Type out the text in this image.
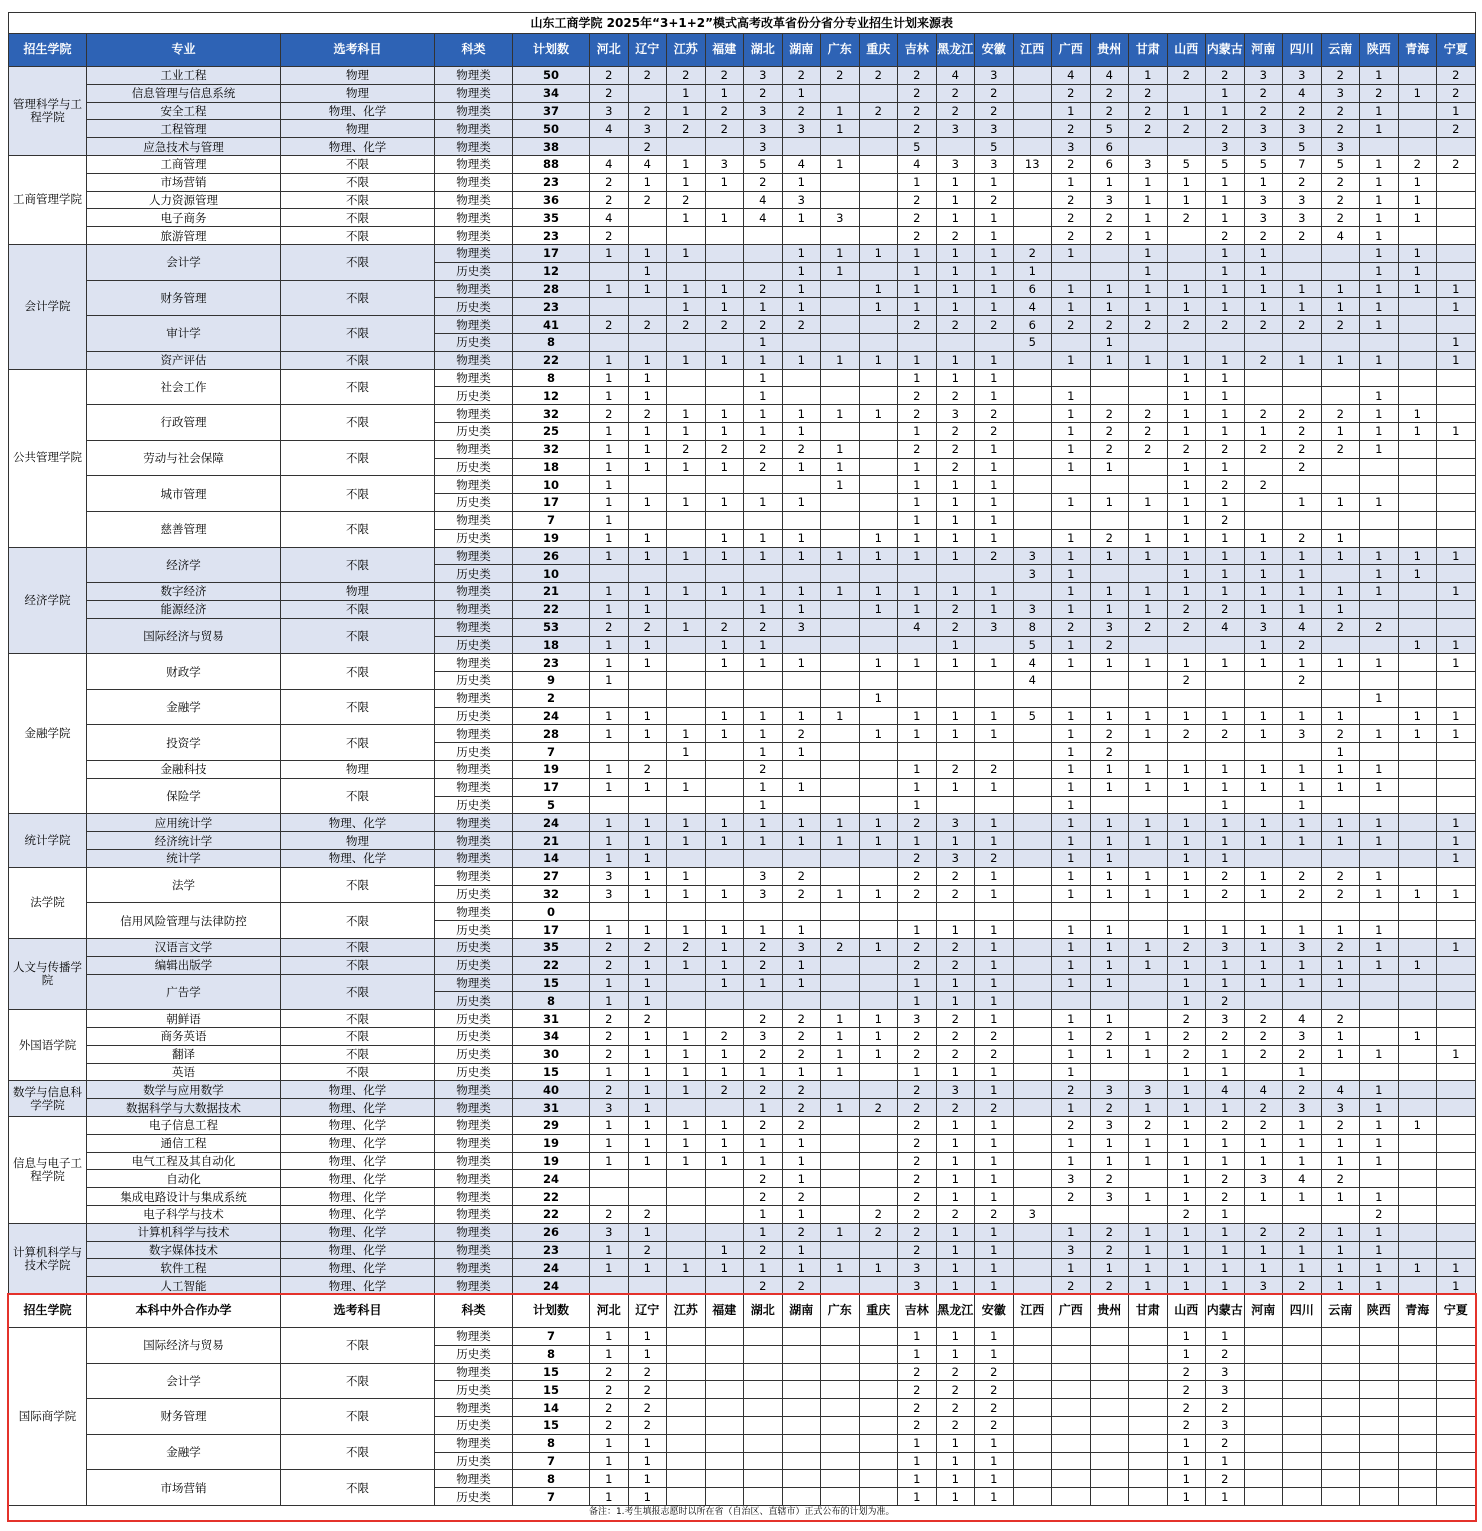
山东工商学院 2025年“3+1+2”模式高考改革省份分省分专业招生计划来源表																											
招生学院	专业	选考科目	科类	计划数	河北	辽宁	江苏	福建	湖北	湖南	广东	重庆	吉林	黑龙江	安徽	江西	广西	贵州	甘肃	山西	内蒙古	河南	四川	云南	陕西	青海	宁夏
管理科学与工程学院	工业工程	物理	物理类	50	2	2	2	2	3	2	2	2	2	4	3		4	4	1	2	2	3	3	2	1		2
	信息管理与信息系统	物理	物理类	34	2		1	1	2	1			2	2	2		2	2	2		1	2	4	3	2	1	2
	安全工程	物理、化学	物理类	37	3	2	1	2	3	2	1	2	2	2	2		1	2	2	1	1	2	2	2	1		1
	工程管理	物理	物理类	50	4	3	2	2	3	3	1		2	3	3		2	5	2	2	2	3	3	2	1		2
	应急技术与管理	物理、化学	物理类	38		2			3				5		5		3	6			3	3	5	3			
工商管理学院	工商管理	不限	物理类	88	4	4	1	3	5	4	1		4	3	3	13	2	6	3	5	5	5	7	5	1	2	2
	市场营销	不限	物理类	23	2	1	1	1	2	1			1	1	1		1	1	1	1	1	1	2	2	1	1	
	人力资源管理	不限	物理类	36	2	2	2		4	3			2	1	2		2	3	1	1	1	3	3	2	1	1	
	电子商务	不限	物理类	35	4		1	1	4	1	3		2	1	1		2	2	1	2	1	3	3	2	1	1	
	旅游管理	不限	物理类	23	2								2	2	1		2	2	1		2	2	2	4	1		
会计学院	会计学	不限	物理类	17	1	1	1			1	1	1	1	1	1	2	1		1		1	1			1	1	
			历史类	12		1				1	1		1	1	1	1			1		1	1			1	1	
	财务管理	不限	物理类	28	1	1	1	1	2	1		1	1	1	1	6	1	1	1	1	1	1	1	1	1	1	1
			历史类	23			1	1	1	1		1	1	1	1	4	1	1	1	1	1	1	1	1	1		1
	审计学	不限	物理类	41	2	2	2	2	2	2			2	2	2	6	2	2	2	2	2	2	2	2	1		
			历史类	8					1							5		1									1
	资产评估	不限	物理类	22	1	1	1	1	1	1	1	1	1	1	1		1	1	1	1	1	2	1	1	1		1
公共管理学院	社会工作	不限	物理类	8	1	1			1				1	1	1					1	1						
			历史类	12	1	1			1				2	2	1		1			1	1				1		
	行政管理	不限	物理类	32	2	2	1	1	1	1	1	1	2	3	2		1	2	2	1	1	2	2	2	1	1	
			历史类	25	1	1	1	1	1	1			1	2	2		1	2	2	1	1	1	2	1	1	1	1
	劳动与社会保障	不限	物理类	32	1	1	2	2	2	2	1		2	2	1		1	2	2	2	2	2	2	2	1		
			历史类	18	1	1	1	1	2	1	1		1	2	1		1	1		1	1		2				
	城市管理	不限	物理类	10	1						1		1	1	1					1	2	2					
			历史类	17	1	1	1	1	1	1			1	1	1		1	1	1	1	1		1	1	1		
	慈善管理	不限	物理类	7	1								1	1	1					1	2						
			历史类	19	1	1		1	1	1		1	1	1	1		1	2	1	1	1	1	2	1			
经济学院	经济学	不限	物理类	26	1	1	1	1	1	1	1	1	1	1	2	3	1	1	1	1	1	1	1	1	1	1	1
			历史类	10												3	1			1	1	1	1		1	1	
	数字经济	物理	物理类	21	1	1	1	1	1	1	1	1	1	1	1		1	1	1	1	1	1	1	1	1		1
	能源经济	不限	物理类	22	1	1			1	1		1	1	2	1	3	1	1	1	2	2	1	1	1			
	国际经济与贸易	不限	物理类	53	2	2	1	2	2	3			4	2	3	8	2	3	2	2	4	3	4	2	2		
			历史类	18	1	1		1	1					1		5	1	2				1	2			1	1
金融学院	财政学	不限	物理类	23	1	1		1	1	1		1	1	1	1	4	1	1	1	1	1	1	1	1	1		1
			历史类	9	1											4				2			2				
	金融学	不限	物理类	2								1													1		
			历史类	24	1	1		1	1	1	1		1	1	1	5	1	1	1	1	1	1	1	1		1	1
	投资学	不限	物理类	28	1	1	1	1	1	2		1	1	1	1		1	2	1	2	2	1	3	2	1	1	1
			历史类	7			1		1	1							1	2						1			
	金融科技	物理	物理类	19	1	2			2				1	2	2		1	1	1	1	1	1	1	1	1		
	保险学	不限	物理类	17	1	1	1		1	1			1	1	1		1	1	1	1	1	1	1	1	1		
			历史类	5					1				1				1				1		1				
统计学院	应用统计学	物理、化学	物理类	24	1	1	1	1	1	1	1	1	2	3	1		1	1	1	1	1	1	1	1	1		1
	经济统计学	物理	物理类	21	1	1	1	1	1	1	1	1	1	1	1		1	1	1	1	1	1	1	1	1		1
	统计学	物理、化学	物理类	14	1	1							2	3	2		1	1		1	1						1
法学院	法学	不限	物理类	27	3	1	1		3	2			2	2	1		1	1	1	1	2	1	2	2	1		
			历史类	32	3	1	1	1	3	2	1	1	2	2	1		1	1	1	1	2	1	2	2	1	1	1
	信用风险管理与法律防控	不限	物理类	0																							
			历史类	17	1	1	1	1	1	1			1	1	1		1	1		1	1	1	1	1	1		
人文与传播学院	汉语言文学	不限	历史类	35	2	2	2	1	2	3	2	1	2	2	1		1	1	1	2	3	1	3	2	1		1
	编辑出版学	不限	历史类	22	2	1	1	1	2	1			2	2	1		1	1	1	1	1	1	1	1	1	1	
	广告学	不限	物理类	15	1	1		1	1	1			1	1	1		1	1		1	1	1	1	1			
			历史类	8	1	1							1	1	1					1	2						
外国语学院	朝鲜语	不限	历史类	31	2	2			2	2	1	1	3	2	1		1	1		2	3	2	4	2			
	商务英语	不限	历史类	34	2	1	1	2	3	2	1	1	2	2	2		1	2	1	2	2	2	3	1		1	
	翻译	不限	历史类	30	2	1	1	1	2	2	1	1	2	2	2		1	1	1	2	1	2	2	1	1		1
	英语	不限	历史类	15	1	1	1	1	1	1	1		1	1	1		1			1	1		1				
数学与信息科学学院	数学与应用数学	物理、化学	物理类	40	2	1	1	2	2	2			2	3	1		2	3	3	1	4	4	2	4	1		
	数据科学与大数据技术	物理、化学	物理类	31	3	1			1	2	1	2	2	2	2		1	2	1	1	1	2	3	3	1		
信息与电子工程学院	电子信息工程	物理、化学	物理类	29	1	1	1	1	2	2			2	1	1		2	3	2	1	2	2	1	2	1	1	
	通信工程	物理、化学	物理类	19	1	1	1	1	1	1			2	1	1		1	1	1	1	1	1	1	1	1		
	电气工程及其自动化	物理、化学	物理类	19	1	1	1	1	1	1			2	1	1		1	1	1	1	1	1	1	1	1		
	自动化	物理、化学	物理类	24					2	1			2	1	1		3	2		1	2	3	4	2			
	集成电路设计与集成系统	物理、化学	物理类	22					2	2			2	1	1		2	3	1	1	2	1	1	1	1		
	电子科学与技术	物理、化学	物理类	22	2	2			1	1		2	2	2	2	3				2	1				2		
计算机科学与技术学院	计算机科学与技术	物理、化学	物理类	26	3	1			1	2	1	2	2	1	1		1	2	1	1	1	2	2	1	1		
	数字媒体技术	物理、化学	物理类	23	1	2		1	2	1			2	1	1		3	2	1	1	1	1	1	1	1		
	软件工程	物理、化学	物理类	24	1	1	1	1	1	1	1	1	3	1	1		1	1	1	1	1	1	1	1	1	1	1
	人工智能	物理、化学	物理类	24					2	2			3	1	1		2	2	1	1	1	3	2	1	1		1
招生学院	本科中外合作办学	选考科目	科类	计划数	河北	辽宁	江苏	福建	湖北	湖南	广东	重庆	吉林	黑龙江	安徽	江西	广西	贵州	甘肃	山西	内蒙古	河南	四川	云南	陕西	青海	宁夏
国际商学院	国际经济与贸易	不限	物理类	7	1	1							1	1	1					1	1						
			历史类	8	1	1							1	1	1					1	2						
	会计学	不限	物理类	15	2	2							2	2	2					2	3						
			历史类	15	2	2							2	2	2					2	3						
	财务管理	不限	物理类	14	2	2							2	2	2					2	2						
			历史类	15	2	2							2	2	2					2	3						
	金融学	不限	物理类	8	1	1							1	1	1					1	2						
			历史类	7	1	1							1	1	1					1	1						
	市场营销	不限	物理类	8	1	1							1	1	1					1	2						
			历史类	7	1	1							1	1	1					1	1						
备注：1.考生填报志愿时以所在省（自治区、直辖市）正式公布的计划为准。																											
